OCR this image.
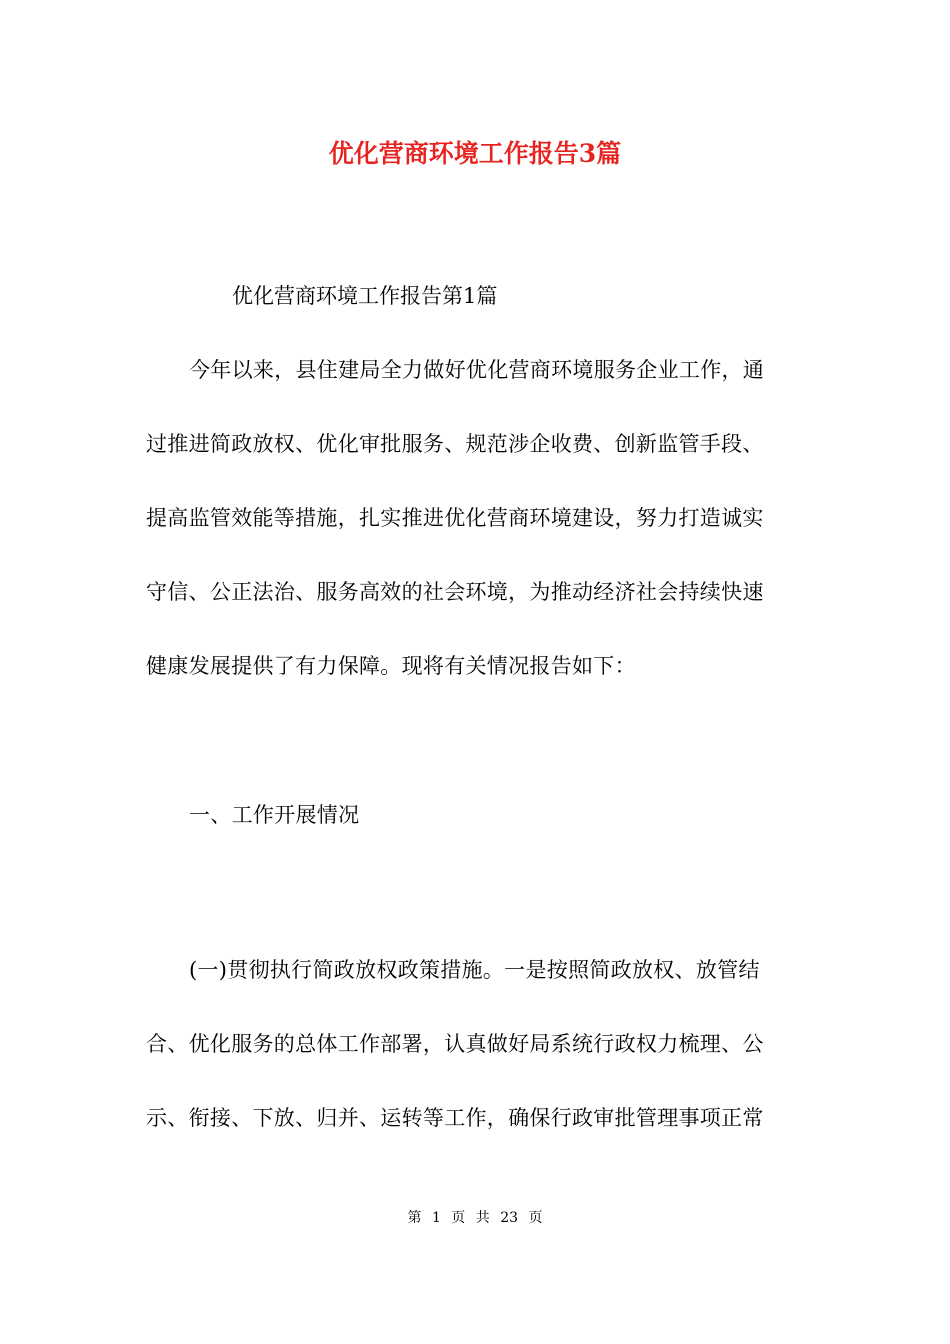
优化营商环境工作报告3篇
优化营商环境工作报告第1篇
今年以来，县住建局全力做好优化营商环境服务企业工作，通
过推进简政放权、优化审批服务、规范涉企收费、创新监管手段、
提高监管效能等措施，扎实推进优化营商环境建设，努力打造诚实
守信、公正法治、服务高效的社会环境，为推动经济社会持续快速
健康发展提供了有力保障。现将有关情况报告如下：
一、工作开展情况
(一)贯彻执行简政放权政策措施。一是按照简政放权、放管结
合、优化服务的总体工作部署，认真做好局系统行政权力梳理、公
示、衔接、下放、归并、运转等工作，确保行政审批管理事项正常
第 1 页 共 23 页
